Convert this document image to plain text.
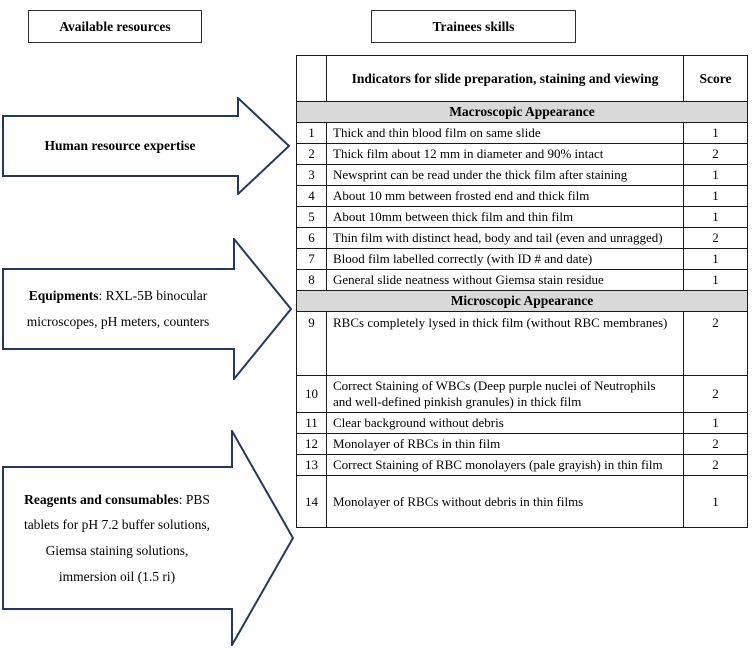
Available resources	Trainees skills
Human resource expertise
Equipments: RXL-5B binocular microscopes, pH meters, counters
Reagents and consumables: PBS tablets for pH 7.2 buffer solutions, Giemsa staining solutions, immersion oil (1.5 ri)
	Indicators for slide preparation, staining and viewing	Score
Macroscopic Appearance		
1	Thick and thin blood film on same slide	1
2	Thick film about 12 mm in diameter and 90% intact	2
3	Newsprint can be read under the thick film after staining	1
4	About 10 mm between frosted end and thick film	1
5	About 10mm between thick film and thin film	1
6	Thin film with distinct head, body and tail (even and unragged)	2
7	Blood film labelled correctly (with ID # and date)	1
8	General slide neatness without Giemsa stain residue	1
Microscopic Appearance		
9	RBCs completely lysed in thick film (without RBC membranes)	2
10	Correct Staining of WBCs (Deep purple nuclei of Neutrophils and well-defined pinkish granules) in thick film	2
11	Clear background without debris	1
12	Monolayer of RBCs in thin film	2
13	Correct Staining of RBC monolayers (pale grayish) in thin film	2
14	Monolayer of RBCs without debris in thin films	1
